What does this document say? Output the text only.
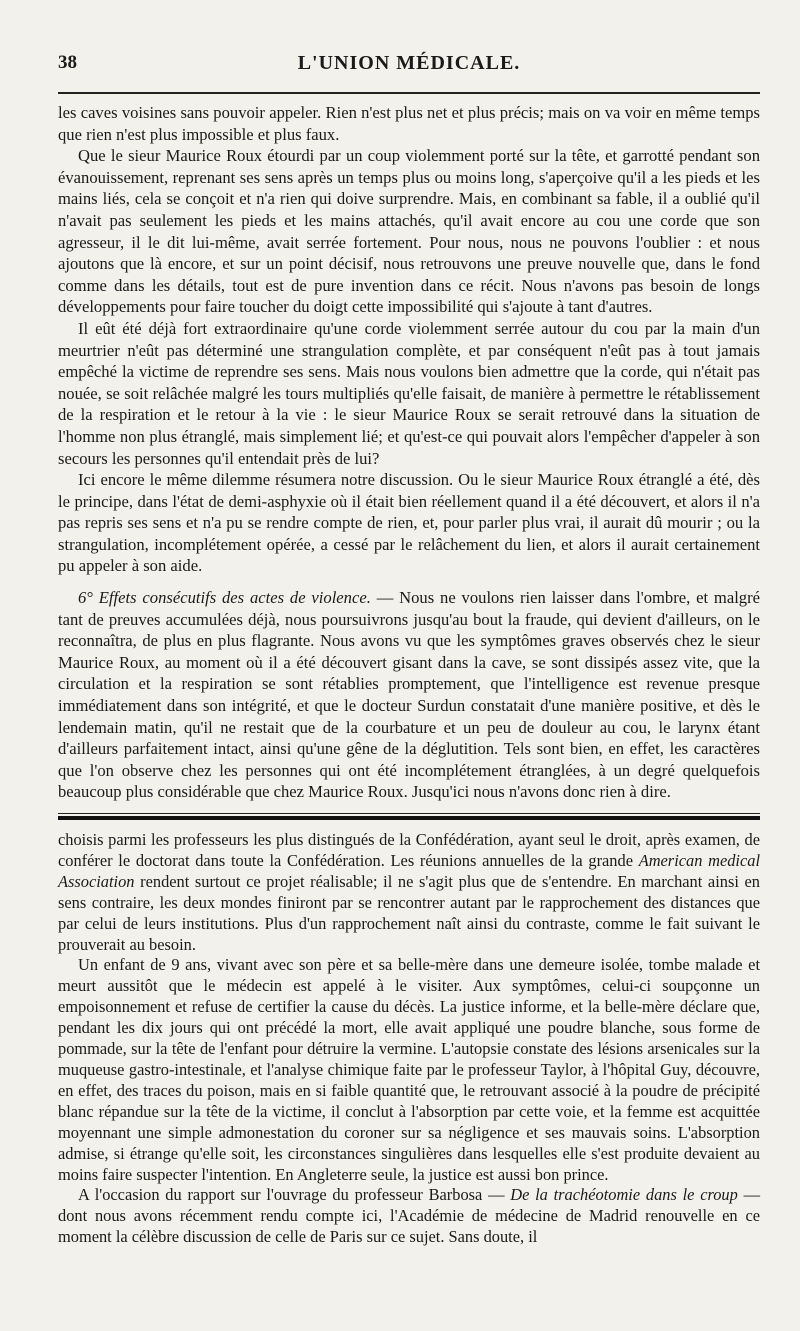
38	L'UNION MÉDICALE.

les caves voisines sans pouvoir appeler. Rien n'est plus net et plus précis; mais on va voir en même temps que rien n'est plus impossible et plus faux.

Que le sieur Maurice Roux étourdi par un coup violemment porté sur la tête, et garrotté pendant son évanouissement, reprenant ses sens après un temps plus ou moins long, s'aperçoive qu'il a les pieds et les mains liés, cela se conçoit et n'a rien qui doive surprendre. Mais, en combinant sa fable, il a oublié qu'il n'avait pas seulement les pieds et les mains attachés, qu'il avait encore au cou une corde que son agresseur, il le dit lui-même, avait serrée fortement. Pour nous, nous ne pouvons l'oublier : et nous ajoutons que là encore, et sur un point décisif, nous retrouvons une preuve nouvelle que, dans le fond comme dans les détails, tout est de pure invention dans ce récit. Nous n'avons pas besoin de longs développements pour faire toucher du doigt cette impossibilité qui s'ajoute à tant d'autres.

Il eût été déjà fort extraordinaire qu'une corde violemment serrée autour du cou par la main d'un meurtrier n'eût pas déterminé une strangulation complète, et par conséquent n'eût pas à tout jamais empêché la victime de reprendre ses sens. Mais nous voulons bien admettre que la corde, qui n'était pas nouée, se soit relâchée malgré les tours multipliés qu'elle faisait, de manière à permettre le rétablissement de la respiration et le retour à la vie : le sieur Maurice Roux se serait retrouvé dans la situation de l'homme non plus étranglé, mais simplement lié; et qu'est-ce qui pouvait alors l'empêcher d'appeler à son secours les personnes qu'il entendait près de lui?

Ici encore le même dilemme résumera notre discussion. Ou le sieur Maurice Roux étranglé a été, dès le principe, dans l'état de demi-asphyxie où il était bien réellement quand il a été découvert, et alors il n'a pas repris ses sens et n'a pu se rendre compte de rien, et, pour parler plus vrai, il aurait dû mourir ; ou la strangulation, incomplétement opérée, a cessé par le relâchement du lien, et alors il aurait certainement pu appeler à son aide.

6° Effets consécutifs des actes de violence. — Nous ne voulons rien laisser dans l'ombre, et malgré tant de preuves accumulées déjà, nous poursuivrons jusqu'au bout la fraude, qui devient d'ailleurs, on le reconnaîtra, de plus en plus flagrante. Nous avons vu que les symptômes graves observés chez le sieur Maurice Roux, au moment où il a été découvert gisant dans la cave, se sont dissipés assez vite, que la circulation et la respiration se sont rétablies promptement, que l'intelligence est revenue presque immédiatement dans son intégrité, et que le docteur Surdun constatait d'une manière positive, et dès le lendemain matin, qu'il ne restait que de la courbature et un peu de douleur au cou, le larynx étant d'ailleurs parfaitement intact, ainsi qu'une gêne de la déglutition. Tels sont bien, en effet, les caractères que l'on observe chez les personnes qui ont été incomplétement étranglées, à un degré quelquefois beaucoup plus considérable que chez Maurice Roux. Jusqu'ici nous n'avons donc rien à dire.

choisis parmi les professeurs les plus distingués de la Confédération, ayant seul le droit, après examen, de conférer le doctorat dans toute la Confédération. Les réunions annuelles de la grande American medical Association rendent surtout ce projet réalisable; il ne s'agit plus que de s'entendre. En marchant ainsi en sens contraire, les deux mondes finiront par se rencontrer autant par le rapprochement des distances que par celui de leurs institutions. Plus d'un rapprochement naît ainsi du contraste, comme le fait suivant le prouverait au besoin.

Un enfant de 9 ans, vivant avec son père et sa belle-mère dans une demeure isolée, tombe malade et meurt aussitôt que le médecin est appelé à le visiter. Aux symptômes, celui-ci soupçonne un empoisonnement et refuse de certifier la cause du décès. La justice informe, et la belle-mère déclare que, pendant les dix jours qui ont précédé la mort, elle avait appliqué une poudre blanche, sous forme de pommade, sur la tête de l'enfant pour détruire la vermine. L'autopsie constate des lésions arsenicales sur la muqueuse gastro-intestinale, et l'analyse chimique faite par le professeur Taylor, à l'hôpital Guy, découvre, en effet, des traces du poison, mais en si faible quantité que, le retrouvant associé à la poudre de précipité blanc répandue sur la tête de la victime, il conclut à l'absorption par cette voie, et la femme est acquittée moyennant une simple admonestation du coroner sur sa négligence et ses mauvais soins. L'absorption admise, si étrange qu'elle soit, les circonstances singulières dans lesquelles elle s'est produite devaient au moins faire suspecter l'intention. En Angleterre seule, la justice est aussi bon prince.

A l'occasion du rapport sur l'ouvrage du professeur Barbosa — De la trachéotomie dans le croup — dont nous avons récemment rendu compte ici, l'Académie de médecine de Madrid renouvelle en ce moment la célèbre discussion de celle de Paris sur ce sujet. Sans doute, il
